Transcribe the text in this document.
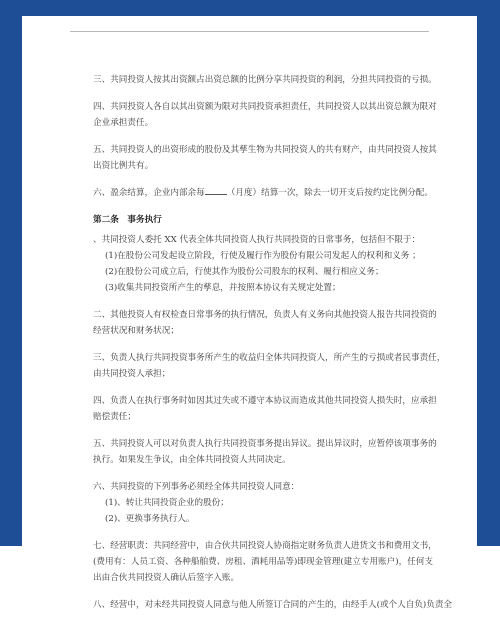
三、共同投资人按其出资额占出资总额的比例分享共同投资的利润，分担共同投资的亏损。
四、共同投资人各自以其出资额为限对共同投资承担责任，共同投资人以其出资总额为限对
企业承担责任。
五、共同投资人的出资形成的股份及其孳生物为共同投资人的共有财产，由共同投资人按其
出资比例共有。
六、盈余结算，企业内部余每	（月度）结算一次，除去一切开支后按约定比例分配。
第二条　事务执行
、共同投资人委托 XX 代表全体共同投资人执行共同投资的日常事务，包括但不限于：
(1)在股份公司发起设立阶段，行使及履行作为股份有限公司发起人的权利和义务 ；
(2)在股份公司成立后，行使其作为股份公司股东的权利、履行相应义务；
(3)收集共同投资所产生的孳息，并按照本协议有关规定处置；
二、其他投资人有权检查日常事务的执行情况，负责人有义务向其他投资人报告共同投资的
经营状况和财务状况；
三、负责人执行共同投资事务所产生的收益归全体共同投资人，所产生的亏损或者民事责任，
由共同投资人承担；
四、负责人在执行事务时如因其过失或不遵守本协议而造成其他共同投资人损失时，应承担
赔偿责任；
五、共同投资人可以对负责人执行共同投资事务提出异议。提出异议时，应暂停该项事务的
执行。如果发生争议，由全体共同投资人共同决定。
六、共同投资的下列事务必须经全体共同投资人同意：
(1)、转让共同投资企业的股份；
(2)、更换事务执行人。
七、经营职责：共同经营中，由合伙共同投资人协商指定财务负责人进货文书和费用文书，
(费用有：人员工资、各种船舶费、房租、酒耗用品等)即现金管理(建立专用账户)，任何支
出由合伙共同投资人确认后签字入账。
八、经营中，对未经共同投资人同意与他人所签订合同的产生的，由经手人(或个人自负)负责全
